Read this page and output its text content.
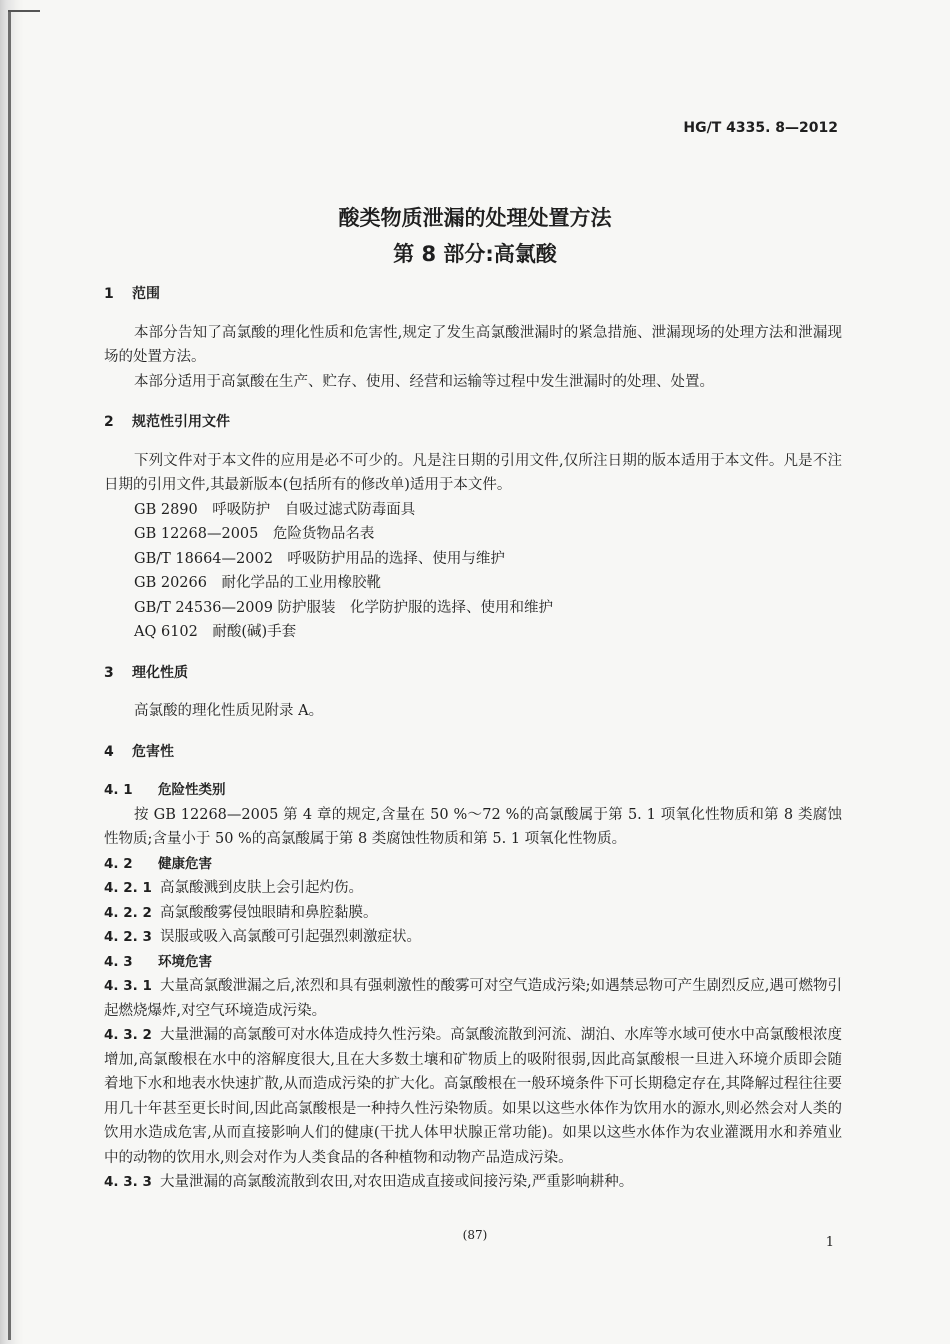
HG/T 4335. 8—2012
酸类物质泄漏的处理处置方法
第 8 部分:高氯酸
1 范围
本部分告知了高氯酸的理化性质和危害性,规定了发生高氯酸泄漏时的紧急措施、泄漏现场的处理方法和泄漏现场的处置方法。
本部分适用于高氯酸在生产、贮存、使用、经营和运输等过程中发生泄漏时的处理、处置。
2 规范性引用文件
下列文件对于本文件的应用是必不可少的。凡是注日期的引用文件,仅所注日期的版本适用于本文件。凡是不注日期的引用文件,其最新版本(包括所有的修改单)适用于本文件。
GB 2890　呼吸防护　自吸过滤式防毒面具
GB 12268—2005　危险货物品名表
GB/T 18664—2002　呼吸防护用品的选择、使用与维护
GB 20266　耐化学品的工业用橡胶靴
GB/T 24536—2009 防护服装　化学防护服的选择、使用和维护
AQ 6102　耐酸(碱)手套
3 理化性质
高氯酸的理化性质见附录 A。
4 危害性
4. 1 危险性类别
按 GB 12268—2005 第 4 章的规定,含量在 50 %～72 %的高氯酸属于第 5. 1 项氧化性物质和第 8 类腐蚀性物质;含量小于 50 %的高氯酸属于第 8 类腐蚀性物质和第 5. 1 项氧化性物质。
4. 2 健康危害
4. 2. 1 高氯酸溅到皮肤上会引起灼伤。
4. 2. 2 高氯酸酸雾侵蚀眼睛和鼻腔黏膜。
4. 2. 3 误服或吸入高氯酸可引起强烈刺激症状。
4. 3 环境危害
4. 3. 1 大量高氯酸泄漏之后,浓烈和具有强刺激性的酸雾可对空气造成污染;如遇禁忌物可产生剧烈反应,遇可燃物引起燃烧爆炸,对空气环境造成污染。
4. 3. 2 大量泄漏的高氯酸可对水体造成持久性污染。高氯酸流散到河流、湖泊、水库等水域可使水中高氯酸根浓度增加,高氯酸根在水中的溶解度很大,且在大多数土壤和矿物质上的吸附很弱,因此高氯酸根一旦进入环境介质即会随着地下水和地表水快速扩散,从而造成污染的扩大化。高氯酸根在一般环境条件下可长期稳定存在,其降解过程往往要用几十年甚至更长时间,因此高氯酸根是一种持久性污染物质。如果以这些水体作为饮用水的源水,则必然会对人类的饮用水造成危害,从而直接影响人们的健康(干扰人体甲状腺正常功能)。如果以这些水体作为农业灌溉用水和养殖业中的动物的饮用水,则会对作为人类食品的各种植物和动物产品造成污染。
4. 3. 3 大量泄漏的高氯酸流散到农田,对农田造成直接或间接污染,严重影响耕种。
(87)	1
